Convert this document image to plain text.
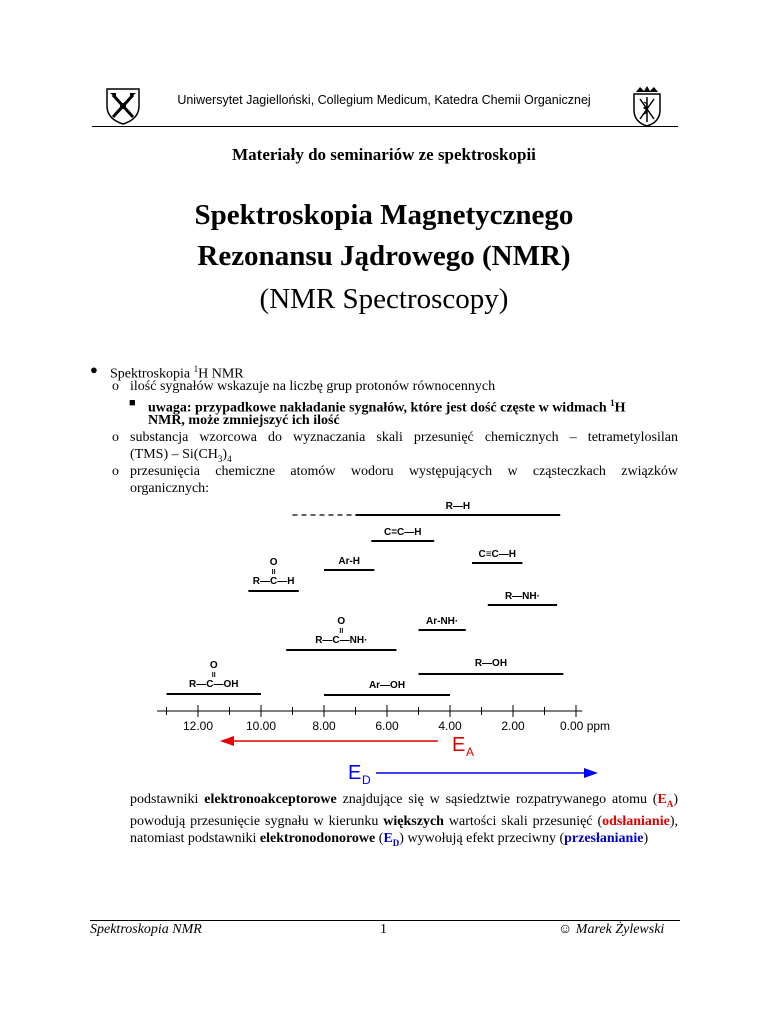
Uniwersytet Jagielloński, Collegium Medicum, Katedra Chemii Organicznej
Materiały do seminariów ze spektroskopii
Spektroskopia Magnetycznego
Rezonansu Jądrowego (NMR)
(NMR Spectroscopy)
● Spektroskopia $^1$H NMR
o ilość sygnałów wskazuje na liczbę grup protonów równocennych
■ uwaga: przypadkowe nakładanie sygnałów, które jest dość częste w widmach $^1$H
NMR, może zmniejszyć ich ilość
o substancja wzorcowa do wyznaczania skali przesunięć chemicznych – tetrametylosilan
$(TMS) - Si(CH_3)_4$
o przesunięcia chemiczne atomów wodoru występujących w cząsteczkach związków
organicznych:
12.00	10.00	8.00	6.00	4.00	2.00	0.00 ppm
R—H
C=C—H
C≡C—H
Ar-H
O
II
R—C—H
R—NH·
Ar-NH·
O
II
R—C—NH·
R—OH
O
II
R—C—OH	Ar—OH
E A
E D
podstawniki elektronoakceptorowe znajdujące się w sąsiedztwie rozpatrywanego atomu $(E_A)$ powodują przesunięcie sygnału w kierunku większych wartości skali przesunięć (odsłanianie), natomiast podstawniki elektronodonorowe $(E_D)$ wywołują efekt przeciwny (przesłanianie)
Spektroskopia NMR	1	☺ Marek Żylewski
